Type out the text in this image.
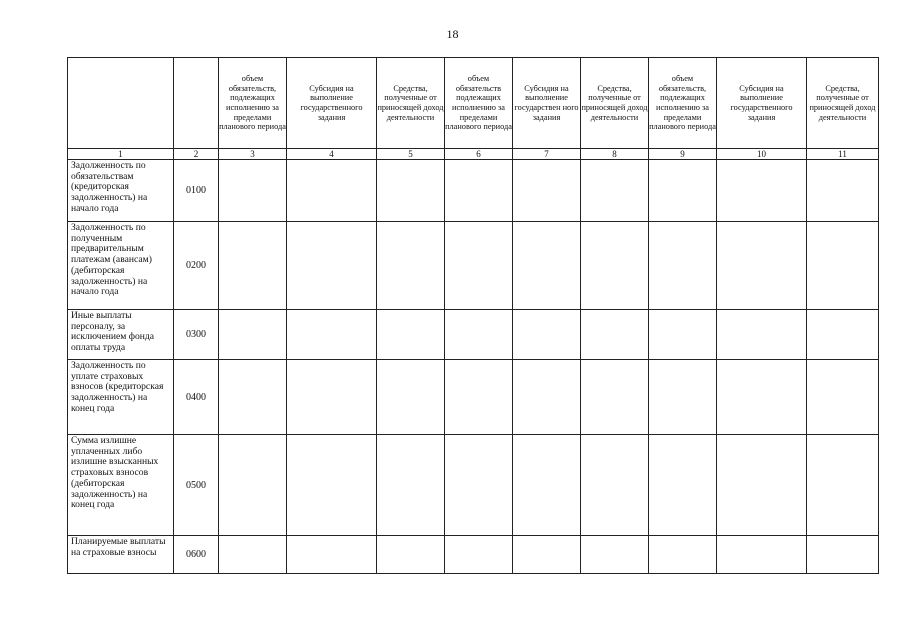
18
		объем обязательств, подлежащих исполнению за пределами планового периода	Субсидия на выполнение государственного задания	Средства, полученные от приносящей доход деятельности	объем обязательств подлежащих исполнению за пределами планового периода	Субсидия на выполнение государствен ного задания	Средства, полученные от приносящей доход деятельности	объем обязательств, подлежащих исполнению за пределами планового периода	Субсидия на выполнение государственного задания	Средства, полученные от приносящей доход деятельности
1	2	3	4	5	6	7	8	9	10	11
Задолженность по обязательствам (кредиторская задолженность) на начало года	0100									
Задолженность по полученным предварительным платежам (авансам) (дебиторская задолженность) на начало года	0200									
Иные выплаты персоналу, за исключением фонда оплаты труда	0300									
Задолженность по уплате страховых взносов (кредиторская задолженность) на конец года	0400									
Сумма излишне уплаченных либо излишне взысканных страховых взносов (дебиторская задолженность) на конец года	0500									
Планируемые выплаты на страховые взносы	0600									
